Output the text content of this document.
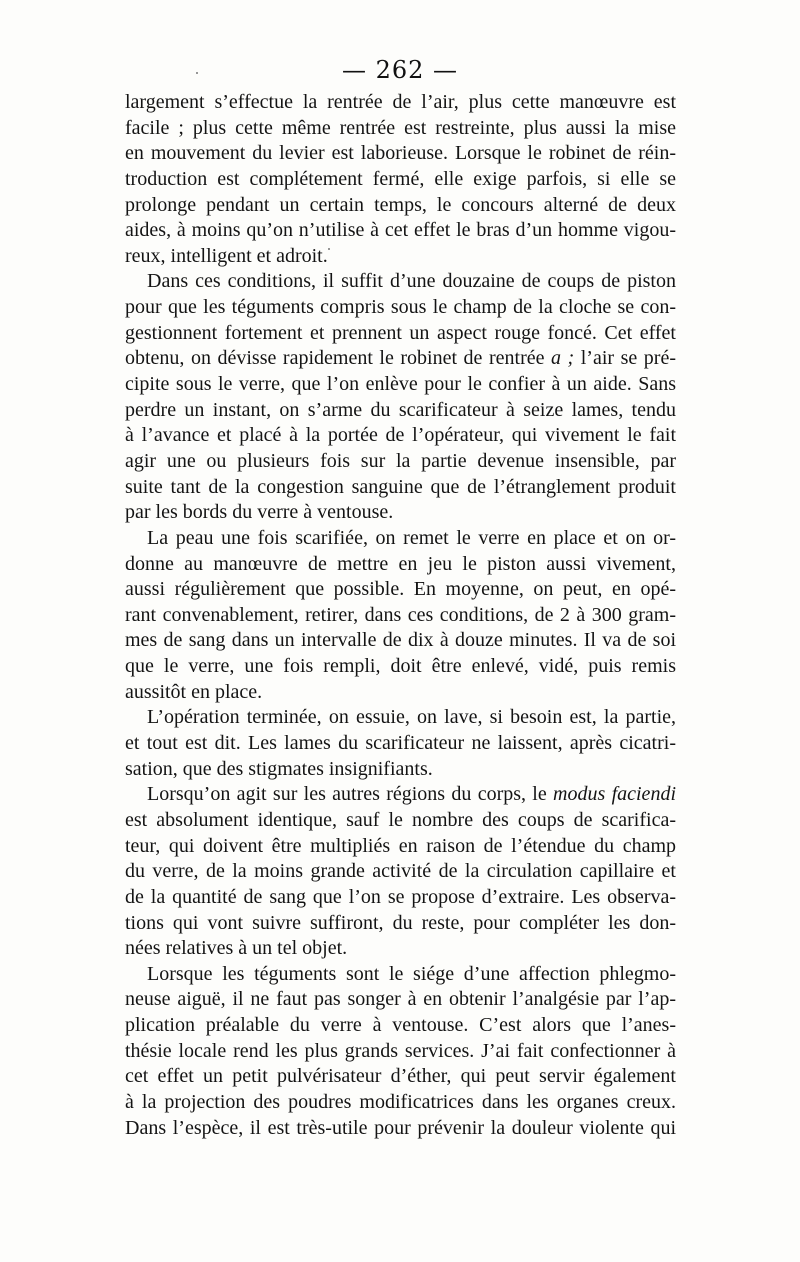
— 262 —
largement s’effectue la rentrée de l’air, plus cette manœuvre est
facile ; plus cette même rentrée est restreinte, plus aussi la mise
en mouvement du levier est laborieuse. Lorsque le robinet de réin-
troduction est complétement fermé, elle exige parfois, si elle se
prolonge pendant un certain temps, le concours alterné de deux
aides, à moins qu’on n’utilise à cet effet le bras d’un homme vigou-
reux, intelligent et adroit.
Dans ces conditions, il suffit d’une douzaine de coups de piston
pour que les téguments compris sous le champ de la cloche se con-
gestionnent fortement et prennent un aspect rouge foncé. Cet effet
obtenu, on dévisse rapidement le robinet de rentrée a ; l’air se pré-
cipite sous le verre, que l’on enlève pour le confier à un aide. Sans
perdre un instant, on s’arme du scarificateur à seize lames, tendu
à l’avance et placé à la portée de l’opérateur, qui vivement le fait
agir une ou plusieurs fois sur la partie devenue insensible, par
suite tant de la congestion sanguine que de l’étranglement produit
par les bords du verre à ventouse.
La peau une fois scarifiée, on remet le verre en place et on or-
donne au manœuvre de mettre en jeu le piston aussi vivement,
aussi régulièrement que possible. En moyenne, on peut, en opé-
rant convenablement, retirer, dans ces conditions, de 2 à 300 gram-
mes de sang dans un intervalle de dix à douze minutes. Il va de soi
que le verre, une fois rempli, doit être enlevé, vidé, puis remis
aussitôt en place.
L’opération terminée, on essuie, on lave, si besoin est, la partie,
et tout est dit. Les lames du scarificateur ne laissent, après cicatri-
sation, que des stigmates insignifiants.
Lorsqu’on agit sur les autres régions du corps, le modus faciendi
est absolument identique, sauf le nombre des coups de scarifica-
teur, qui doivent être multipliés en raison de l’étendue du champ
du verre, de la moins grande activité de la circulation capillaire et
de la quantité de sang que l’on se propose d’extraire. Les observa-
tions qui vont suivre suffiront, du reste, pour compléter les don-
nées relatives à un tel objet.
Lorsque les téguments sont le siége d’une affection phlegmo-
neuse aiguë, il ne faut pas songer à en obtenir l’analgésie par l’ap-
plication préalable du verre à ventouse. C’est alors que l’anes-
thésie locale rend les plus grands services. J’ai fait confectionner à
cet effet un petit pulvérisateur d’éther, qui peut servir également
à la projection des poudres modificatrices dans les organes creux.
Dans l’espèce, il est très-utile pour prévenir la douleur violente qui
